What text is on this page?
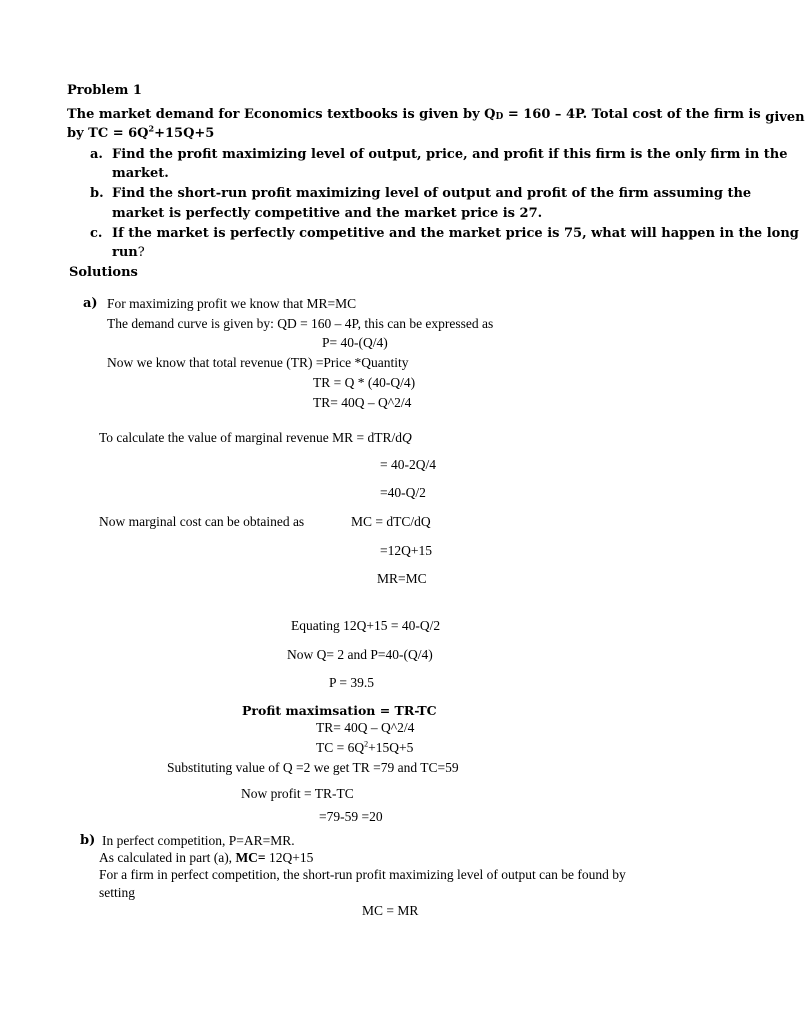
Problem 1
The market demand for Economics textbooks is given by $Q_D = 160 - 4P$. Total cost of the firm is given
by TC = $6Q^2+15Q+5$
a. Find the profit maximizing level of output, price, and profit if this firm is the only firm in the
market.
b. Find the short-run profit maximizing level of output and profit of the firm assuming the
market is perfectly competitive and the market price is 27.
c. If the market is perfectly competitive and the market price is 75, what will happen in the long
run?
Solutions
a) For maximizing profit we know that MR=MC
The demand curve is given by: QD = 160 – 4P, this can be expressed as
P= 40-(Q/4)
Now we know that total revenue (TR) =Price *Quantity
TR = Q * (40-Q/4)
TR= 40Q – Q^2/4
To calculate the value of marginal revenue MR = dTR/dQ
= 40-2Q/4
=40-Q/2
Now marginal cost can be obtained as	MC = dTC/dQ
=12Q+15
MR=MC
Equating 12Q+15 = 40-Q/2
Now Q= 2 and P=40-(Q/4)
P = 39.5
Profit maximsation = TR-TC
TR= 40Q – Q^2/4
TC = $6Q^2+15Q+5$
Substituting value of Q =2 we get TR =79 and TC=59
Now profit = TR-TC
=79-59 =20
b) In perfect competition, P=AR=MR.
As calculated in part (a), MC= 12Q+15
For a firm in perfect competition, the short-run profit maximizing level of output can be found by
setting
MC = MR
